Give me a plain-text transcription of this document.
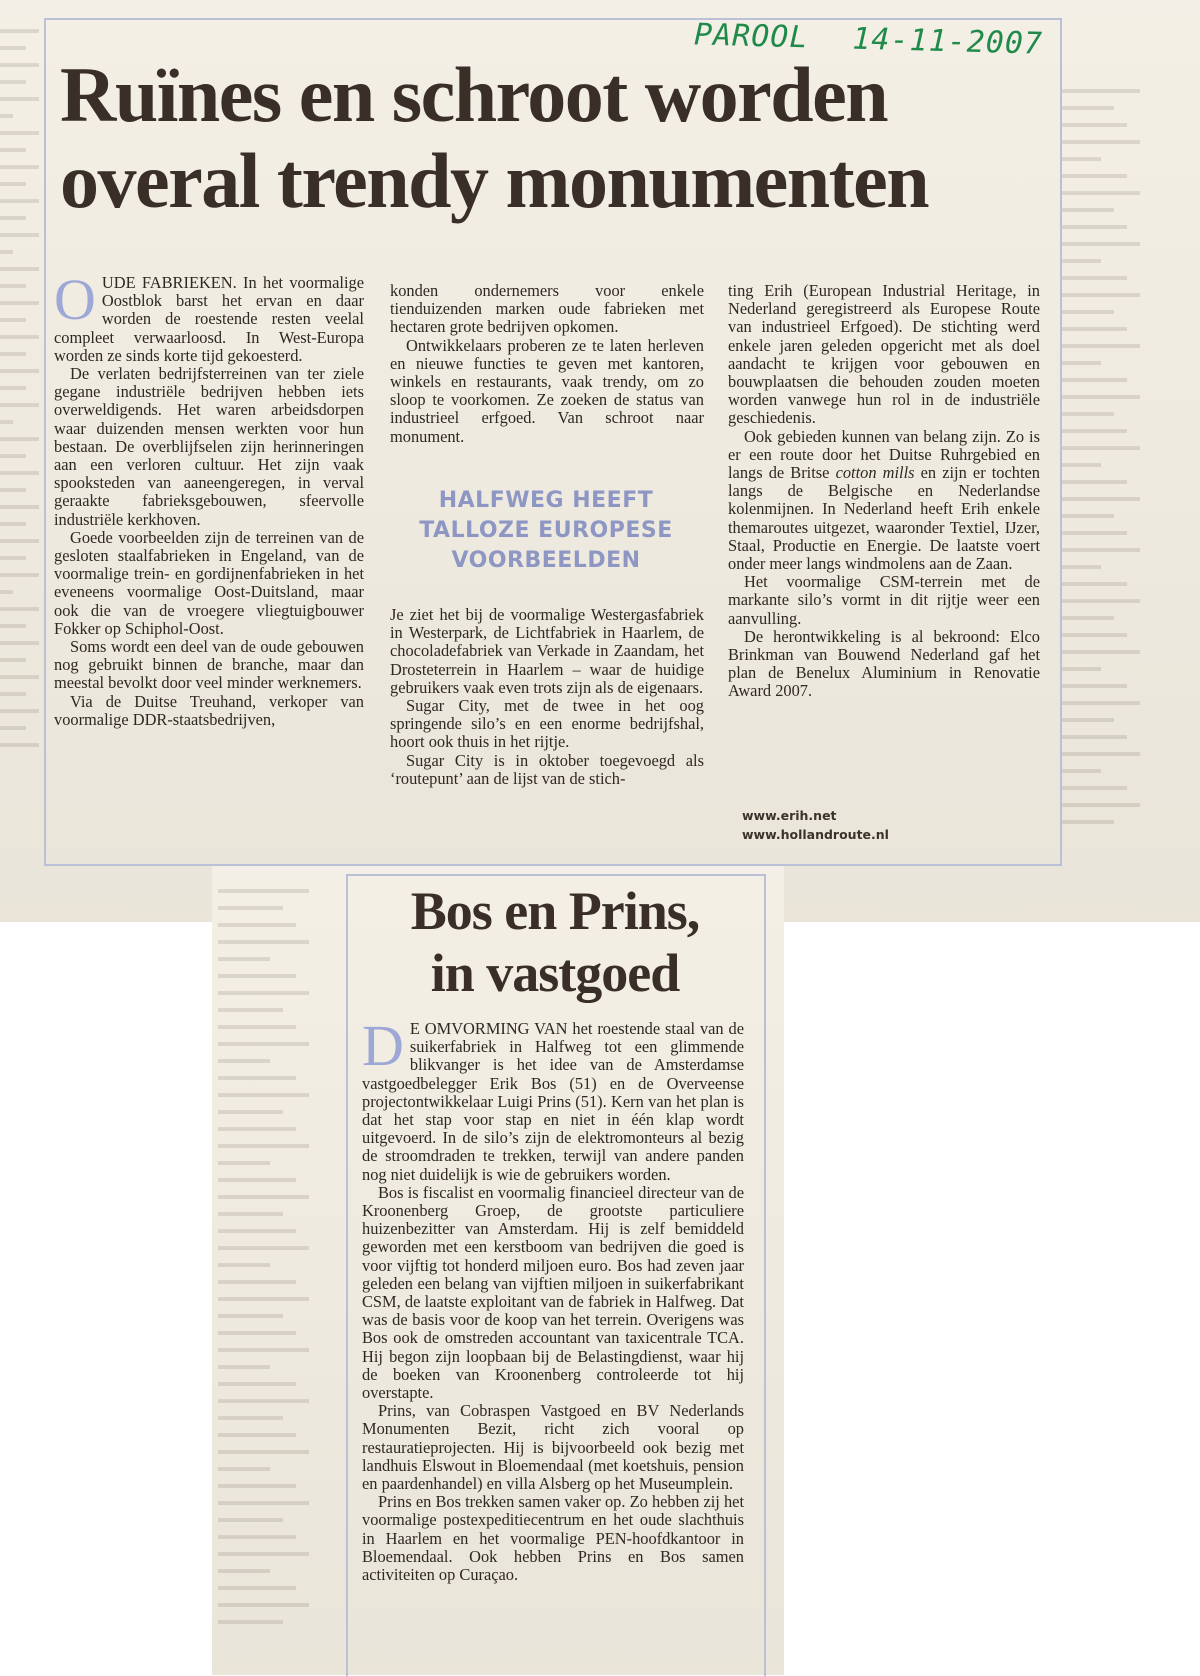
▬▬▬
▬▬
▬▬▬
▬▬
▬▬▬
▬
▬▬▬
▬▬
▬▬▬
▬▬
▬▬▬
▬▬
▬▬▬
▬
▬▬▬
▬▬
▬▬▬
▬▬
▬▬▬
▬▬
▬▬▬
▬▬
▬▬▬
▬
▬▬▬
▬▬
▬▬▬
▬▬
▬▬▬
▬▬
▬▬▬
▬▬
▬▬▬
▬
▬▬▬
▬▬
▬▬▬
▬▬
▬▬▬
▬▬
▬▬▬
▬▬
▬▬▬
▬▬▬▬▬▬
▬▬▬▬
▬▬▬▬▬
▬▬▬▬▬▬
▬▬▬
▬▬▬▬▬
▬▬▬▬▬▬
▬▬▬▬
▬▬▬▬▬
▬▬▬▬▬▬
▬▬▬
▬▬▬▬▬
▬▬▬▬▬▬
▬▬▬▬
▬▬▬▬▬
▬▬▬▬▬▬
▬▬▬
▬▬▬▬▬
▬▬▬▬▬▬
▬▬▬▬
▬▬▬▬▬
▬▬▬▬▬▬
▬▬▬
▬▬▬▬▬
▬▬▬▬▬▬
▬▬▬▬
▬▬▬▬▬
▬▬▬▬▬▬
▬▬▬
▬▬▬▬▬
▬▬▬▬▬▬
▬▬▬▬
▬▬▬▬▬
▬▬▬▬▬▬
▬▬▬
▬▬▬▬▬
▬▬▬▬▬▬
▬▬▬▬
▬▬▬▬▬
▬▬▬▬▬▬
▬▬▬
▬▬▬▬▬
▬▬▬▬▬▬
▬▬▬▬
▬▬▬▬▬▬▬
▬▬▬▬▬
▬▬▬▬▬▬
▬▬▬▬▬▬▬
▬▬▬▬
▬▬▬▬▬▬
▬▬▬▬▬▬▬
▬▬▬▬▬
▬▬▬▬▬▬
▬▬▬▬▬▬▬
▬▬▬▬
▬▬▬▬▬▬
▬▬▬▬▬▬▬
▬▬▬▬▬
▬▬▬▬▬▬
▬▬▬▬▬▬▬
▬▬▬▬
▬▬▬▬▬▬
▬▬▬▬▬▬▬
▬▬▬▬▬
▬▬▬▬▬▬
▬▬▬▬▬▬▬
▬▬▬▬
▬▬▬▬▬▬
▬▬▬▬▬▬▬
▬▬▬▬▬
▬▬▬▬▬▬
▬▬▬▬▬▬▬
▬▬▬▬
▬▬▬▬▬▬
▬▬▬▬▬▬▬
▬▬▬▬▬
▬▬▬▬▬▬
▬▬▬▬▬▬▬
▬▬▬▬
▬▬▬▬▬▬
▬▬▬▬▬▬▬
▬▬▬▬▬
▬▬▬▬▬▬
▬▬▬▬▬▬▬
▬▬▬▬
▬▬▬▬▬▬
▬▬▬▬▬▬▬
▬▬▬▬▬
PAROOL 14-11-2007
Ruïnes en schroot worden
overal trendy monumenten

OUDE FABRIEKEN. In het voormalige Oostblok barst het ervan en daar worden de roestende resten veelal compleet verwaarloosd. In West-Europa worden ze sinds korte tijd gekoesterd.

De verlaten bedrijfsterreinen van ter ziele gegane industriële bedrijven hebben iets overweldigends. Het waren arbeidsdorpen waar duizenden mensen werkten voor hun bestaan. De overblijfselen zijn herinneringen aan een verloren cultuur. Het zijn vaak spooksteden van aaneengeregen, in verval geraakte fabrieksgebouwen, sfeervolle industriële kerkhoven.

Goede voorbeelden zijn de terreinen van de gesloten staalfabrieken in Engeland, van de voormalige trein- en gordijnenfabrieken in het eveneens voormalige Oost-Duitsland, maar ook die van de vroegere vliegtuigbouwer Fokker op Schiphol-Oost.

Soms wordt een deel van de oude gebouwen nog gebruikt binnen de branche, maar dan meestal bevolkt door veel minder werknemers.

Via de Duitse Treuhand, verkoper van voormalige DDR-staatsbedrijven,

konden ondernemers voor enkele tienduizenden marken oude fabrieken met hectaren grote bedrijven opkomen.

Ontwikkelaars proberen ze te laten herleven en nieuwe functies te geven met kantoren, winkels en restaurants, vaak trendy, om zo sloop te voorkomen. Ze zoeken de status van industrieel erfgoed. Van schroot naar monument.

HALFWEG HEEFT

TALLOZE EUROPESE

VOORBEELDEN

Je ziet het bij de voormalige Westergasfabriek in Westerpark, de Lichtfabriek in Haarlem, de chocoladefabriek van Verkade in Zaandam, het Drosteterrein in Haarlem – waar de huidige gebruikers vaak even trots zijn als de eigenaars.

Sugar City, met de twee in het oog springende silo’s en een enorme bedrijfshal, hoort ook thuis in het rijtje.

Sugar City is in oktober toegevoegd als ‘routepunt’ aan de lijst van de stich-

ting Erih (European Industrial Heritage, in Nederland geregistreerd als Europese Route van industrieel Erfgoed). De stichting werd enkele jaren geleden opgericht met als doel aandacht te krijgen voor gebouwen en bouwplaatsen die behouden zouden moeten worden vanwege hun rol in de industriële geschiedenis.

Ook gebieden kunnen van belang zijn. Zo is er een route door het Duitse Ruhrgebied en langs de Britse cotton mills en zijn er tochten langs de Belgische en Nederlandse kolenmijnen. In Nederland heeft Erih enkele themaroutes uitgezet, waaronder Textiel, IJzer, Staal, Productie en Energie. De laatste voert onder meer langs windmolens aan de Zaan.

Het voormalige CSM-terrein met de markante silo’s vormt in dit rijtje weer een aanvulling.

De herontwikkeling is al bekroond: Elco Brinkman van Bouwend Nederland gaf het plan de Benelux Aluminium in Renovatie Award 2007.

www.erih.net
www.hollandroute.nl
Bos en Prins,
in vastgoed

D E OMVORMING VAN het roestende staal van de suikerfabriek in Halfweg tot een glimmende blikvanger is het idee van de Amsterdamse vastgoedbelegger Erik Bos (51) en de Overveense projectontwikkelaar Luigi Prins (51). Kern van het plan is dat het stap voor stap en niet in één klap wordt uitgevoerd. In de silo’s zijn de elektromonteurs al bezig de stroomdraden te trekken, terwijl van andere panden nog niet duidelijk is wie de gebruikers worden.

Bos is fiscalist en voormalig financieel directeur van de Kroonenberg Groep, de grootste particuliere huizenbezitter van Amsterdam. Hij is zelf bemiddeld geworden met een kerstboom van bedrijven die goed is voor vijftig tot honderd miljoen euro. Bos had zeven jaar geleden een belang van vijftien miljoen in suikerfabrikant CSM, de laatste exploitant van de fabriek in Halfweg. Dat was de basis voor de koop van het terrein. Overigens was Bos ook de omstreden accountant van taxicentrale TCA. Hij begon zijn loopbaan bij de Belastingdienst, waar hij de boeken van Kroonenberg controleerde tot hij overstapte.

Prins, van Cobraspen Vastgoed en BV Nederlands Monumenten Bezit, richt zich vooral op restauratieprojecten. Hij is bijvoorbeeld ook bezig met landhuis Elswout in Bloemendaal (met koetshuis, pension en paardenhandel) en villa Alsberg op het Museumplein.

Prins en Bos trekken samen vaker op. Zo hebben zij het voormalige postexpeditiecentrum en het oude slachthuis in Haarlem en het voormalige PEN-hoofdkantoor in Bloemendaal. Ook hebben Prins en Bos samen activiteiten op Curaçao.
